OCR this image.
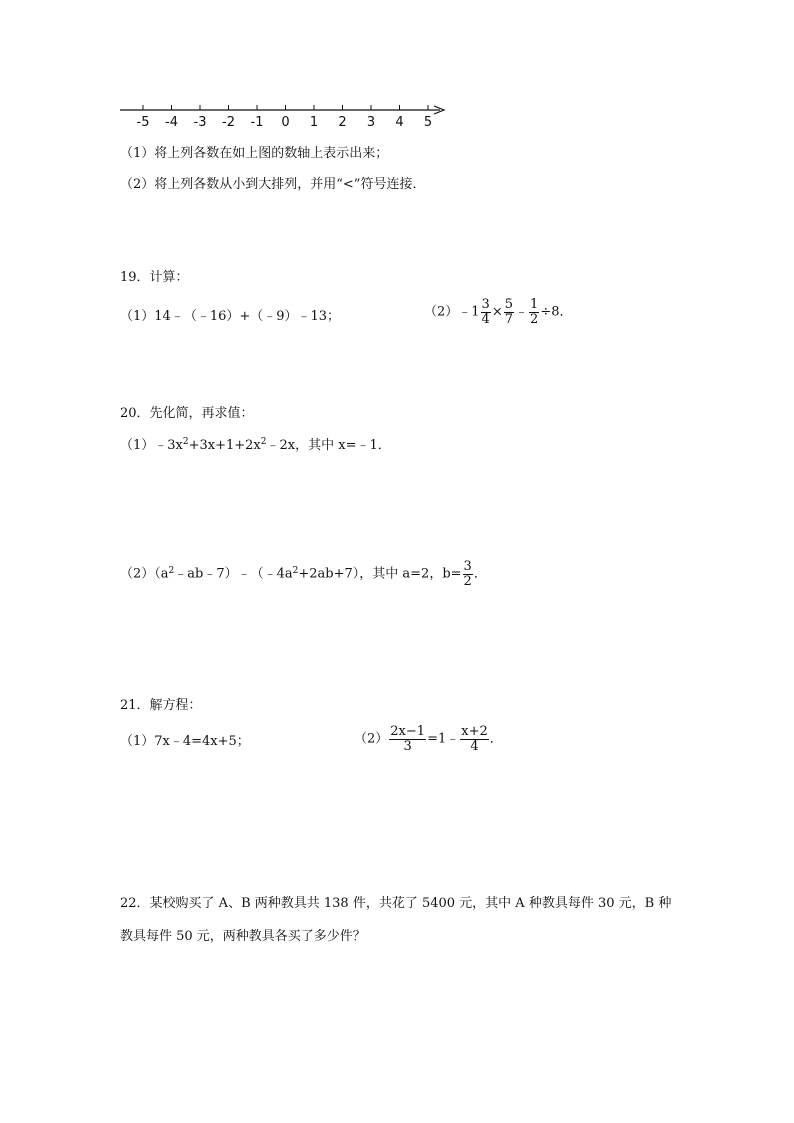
-5 -4 -3 -2 -1 0 1 2 3 4 5
（1）将上列各数在如上图的数轴上表示出来；
（2）将上列各数从小到大排列，并用“<”符号连接．
19．计算：
（1）14﹣（﹣16）+（﹣9）﹣13；	（2）﹣1 $\frac{3}{4} \times \frac{5}{7}$ ﹣ $\frac{1}{2} \div 8$．
20．先化简，再求值：
$(1)﹣3x^2+3x+1+2x^2﹣2x$，其中 x=﹣1．
$(2)(a^2﹣ab﹣7)﹣(﹣4a^2+2ab+7)$，其中 a=2，$b= \frac{3}{2}$ ．
21．解方程：
（1）7x﹣4=4x+5；	$(2) \frac{2x-1}{3}$ =1﹣ $\frac{x+2}{4}$ ．
22．某校购买了 A、B 两种教具共 138 件，共花了 5400 元，其中 A 种教具每件 30 元，B 种
教具每件 50 元，两种教具各买了多少件？
